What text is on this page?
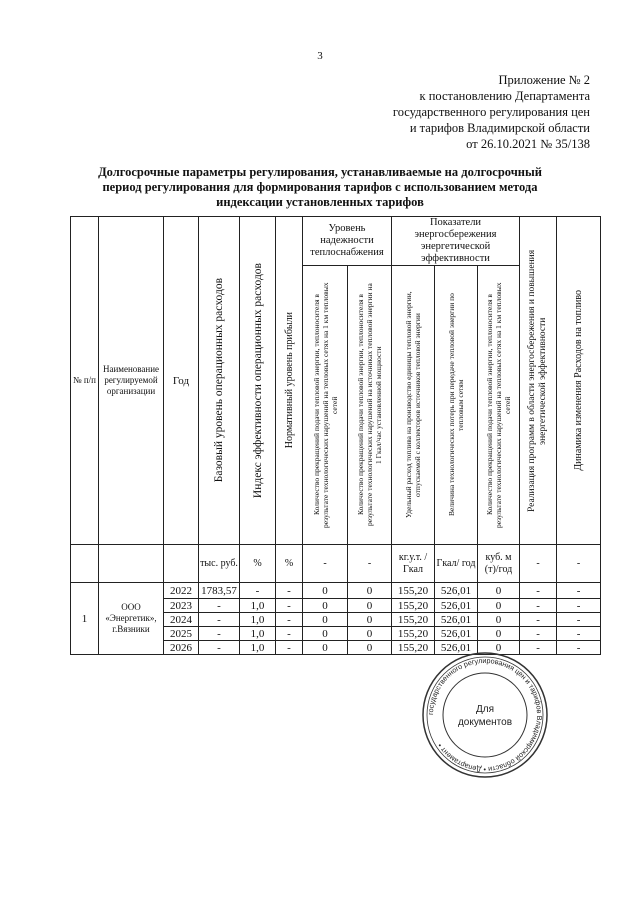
3
Приложение № 2
к постановлению Департамента
государственного регулирования цен
и тарифов Владимирской области
от 26.10.2021 № 35/138
Долгосрочные параметры регулирования, устанавливаемые на долгосрочный период регулирования для формирования тарифов с использованием метода индексации установленных тарифов
№ п/п	Наименование регулируемой организации	Год	Базовый уровень операционных расходов	Индекс эффективности операционных расходов	Нормативный уровень прибыли	Уровень надежности теплоснабжения		Показатели энергосбережения энергетической эффективности			Реализация программ в области энергосбережения и повышения энергетической эффективности	Динамика изменения Расходов на топливо

						Количество прекращений подачи тепловой энергии, теплоносителя в результате технологических нарушений на тепловых сетях на 1 км тепловых сетей	Количество прекращений подачи тепловой энергии, теплоносителя в результате технологических нарушений на источниках тепловой энергии на 1 Гкал/час установленной мощности	Удельный расход топлива на производство единицы тепловой энергии, отпускаемой с коллекторов источников тепловой энергии	Величина технологических потерь при передаче тепловой энергии по тепловым сетям	Количество прекращений подачи тепловой энергии, теплоносителя в результате технологических нарушений на тепловых сетях на 1 км тепловых сетей		

			тыс. руб.	%	%	-	-	кг.у.т. /Гкал	Гкал/ год	куб. м (т)/год	-	-
1	ООО «Энергетик», г.Вязники	2022	1783,57	-	-	0	0	155,20	526,01	0	-	-
		2023	-	1,0	-	0	0	155,20	526,01	0	-	-
		2024	-	1,0	-	0	0	155,20	526,01	0	-	-
		2025	-	1,0	-	0	0	155,20	526,01	0	-	-
		2026	-	1,0	-	0	0	155,20	526,01	0	-	-
государственного регулирования цен и тарифов Владимирской области • Департамент •
Для
документов
